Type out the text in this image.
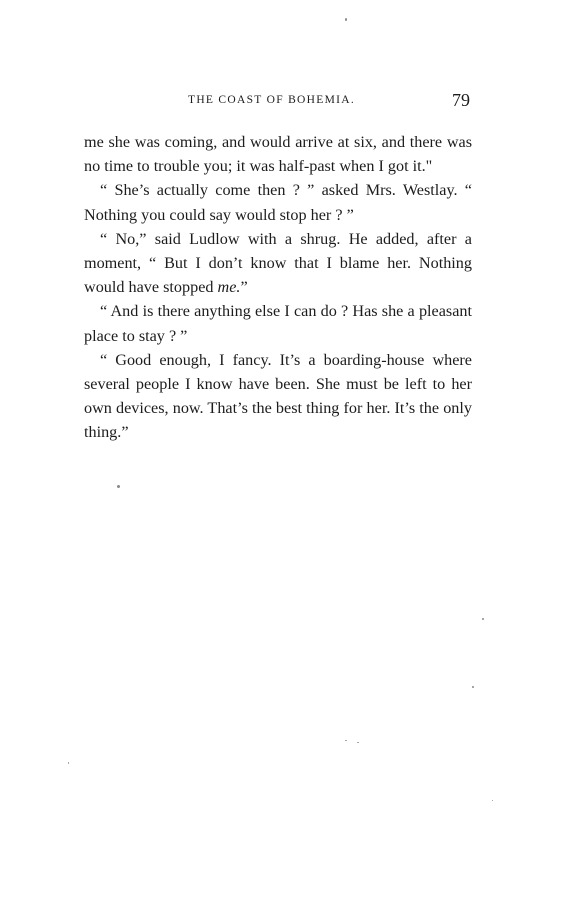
THE COAST OF BOHEMIA.	79

me she was coming, and would arrive at six, and there was no time to trouble you; it was half-past when I got it."

“ She’s actually come then ? ” asked Mrs. Westlay. “ Nothing you could say would stop her ? ”

“ No,” said Ludlow with a shrug. He added, after a moment, “ But I don’t know that I blame her. Nothing would have stopped me.”

“ And is there anything else I can do ? Has she a pleasant place to stay ? ”

“ Good enough, I fancy. It’s a boarding-house where several people I know have been. She must be left to her own devices, now. That’s the best thing for her. It’s the only thing.”
